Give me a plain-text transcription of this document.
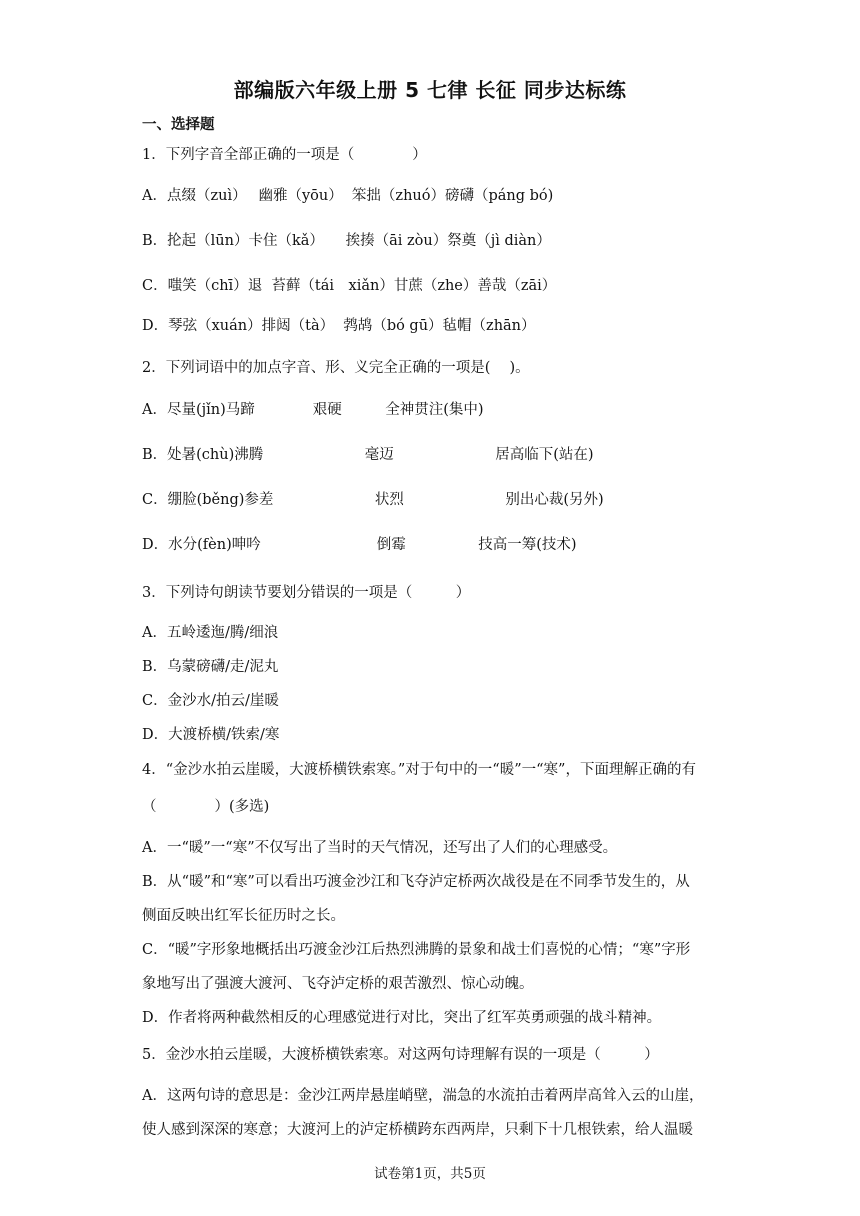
部编版六年级上册 5 七律 长征 同步达标练
一、选择题
1．下列字音全部正确的一项是（　　　　）
A．点缀（zuì）　 幽雅（yōu）  笨拙（zhuó）磅礴（páng bó)
B．抡起（lūn）卡住（kǎ）　　挨揍（āi zòu）祭奠（jì diàn）
C．嗤笑（chī）退  苔藓（tái　xiǎn）甘蔗（zhe）善哉（zāi）
D．琴弦（xuán）排闼（tà）  鹁鸪（bó gū）毡帽（zhān）
2．下列词语中的加点字音、形、义完全正确的一项是(　 )。
A．尽量(jǐn)马蹄　　　　艰硬　　　全神贯注(集中)
B．处暑(chù)沸腾　　　　　　　毫迈　　　　　　　居高临下(站在)
C．绷脸(běng)参差　　　　　　　状烈　　　　　　　别出心裁(另外)
D．水分(fèn)呻吟　　　　　　　　倒霉　　　　　技高一筹(技术)
3．下列诗句朗读节要划分错误的一项是（　　　）
A．五岭逶迤/腾/细浪
B．乌蒙磅礴/走/泥丸
C．金沙水/拍云/崖暖
D．大渡桥横/铁索/寒
4．“金沙水拍云崖暖，大渡桥横铁索寒。”对于句中的一“暖”一“寒”，下面理解正确的有
（　　　　）(多选)
A．一“暖”一“寒”不仅写出了当时的天气情况，还写出了人们的心理感受。
B．从“暖”和“寒”可以看出巧渡金沙江和飞夺泸定桥两次战役是在不同季节发生的，从
侧面反映出红军长征历时之长。
C．“暖”字形象地概括出巧渡金沙江后热烈沸腾的景象和战士们喜悦的心情；“寒”字形
象地写出了强渡大渡河、飞夺泸定桥的艰苦激烈、惊心动魄。
D．作者将两种截然相反的心理感觉进行对比，突出了红军英勇顽强的战斗精神。
5．金沙水拍云崖暖，大渡桥横铁索寒。对这两句诗理解有误的一项是（　　　）
A．这两句诗的意思是：金沙江两岸悬崖峭壁，湍急的水流拍击着两岸高耸入云的山崖，
使人感到深深的寒意；大渡河上的泸定桥横跨东西两岸，只剩下十几根铁索，给人温暖
试卷第1页，共5页
